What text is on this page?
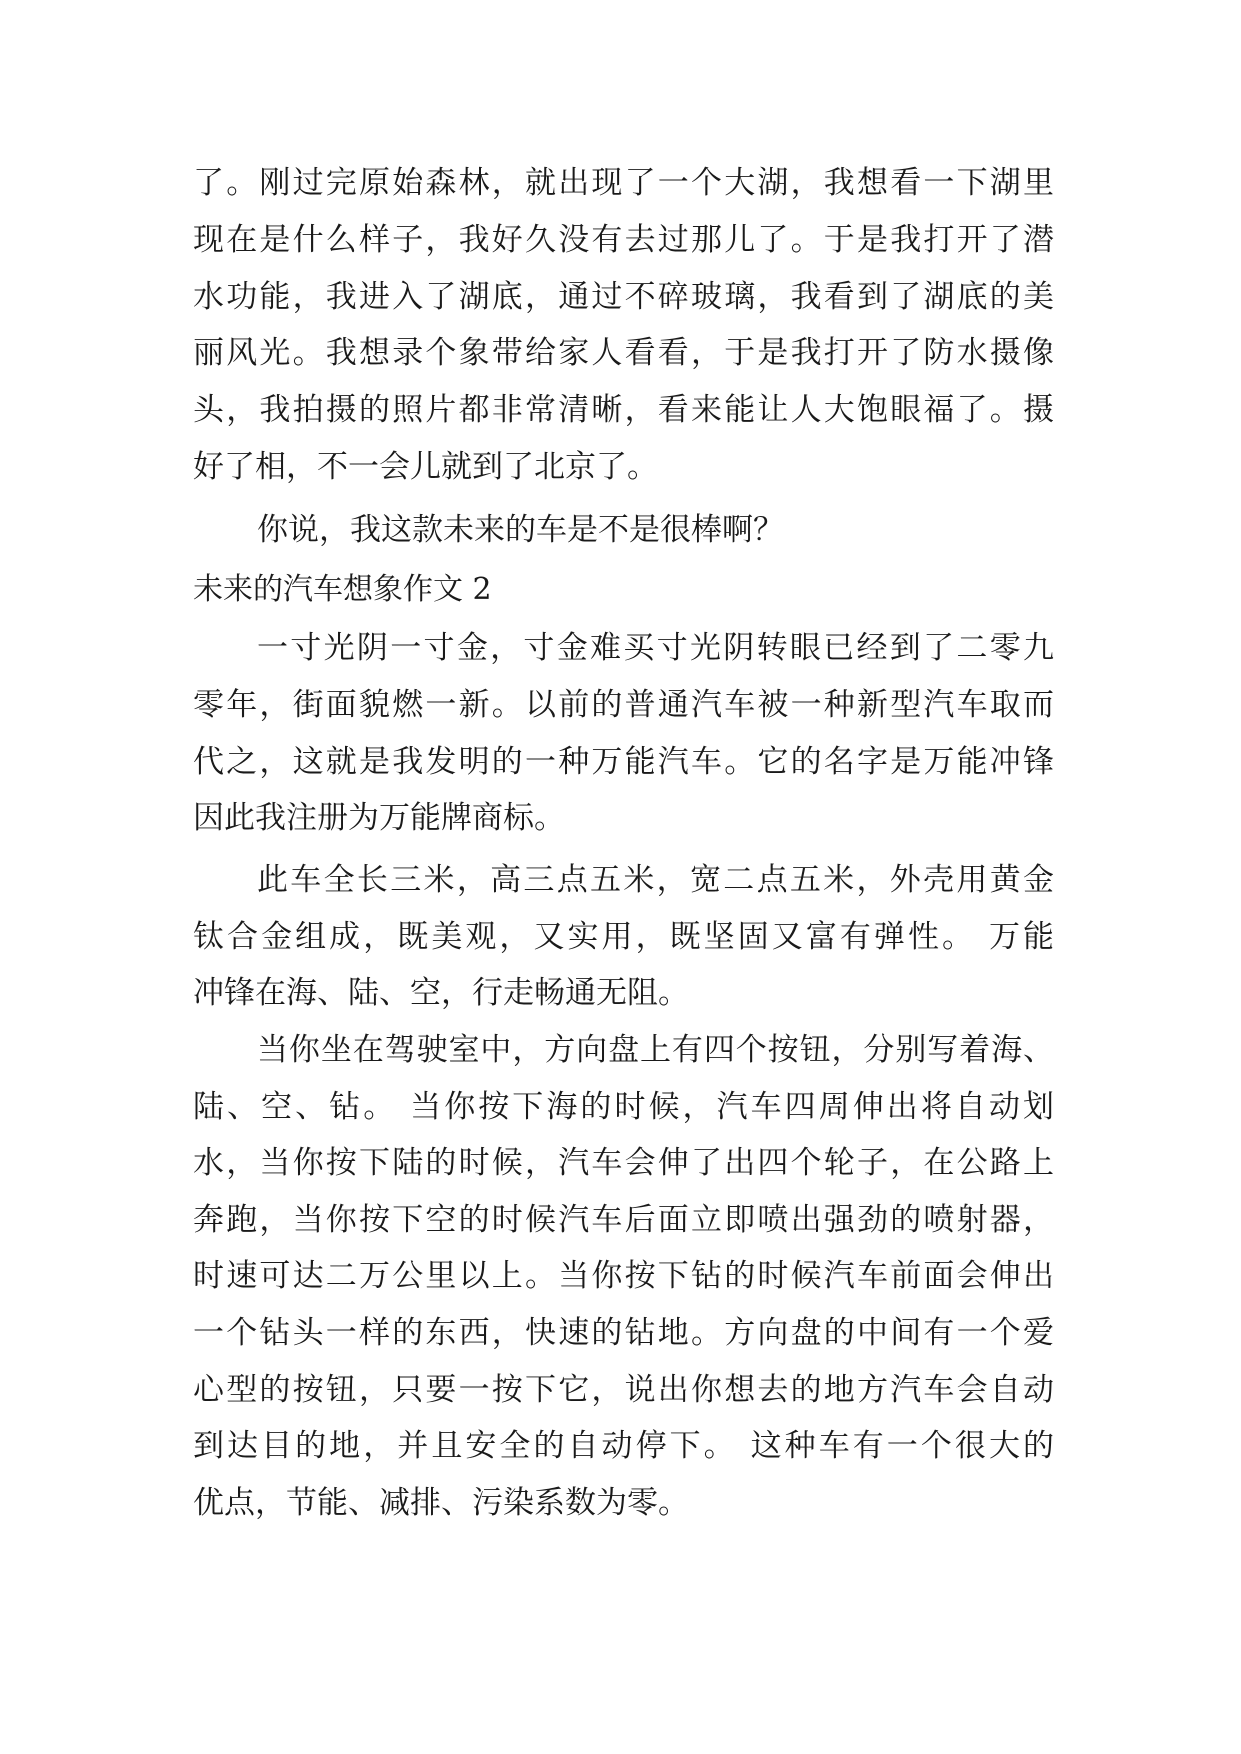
了。刚过完原始森林，就出现了一个大湖，我想看一下湖里
现在是什么样子，我好久没有去过那儿了。于是我打开了潜
水功能，我进入了湖底，通过不碎玻璃，我看到了湖底的美
丽风光。我想录个象带给家人看看，于是我打开了防水摄像
头，我拍摄的照片都非常清晰，看来能让人大饱眼福了。摄
好了相，不一会儿就到了北京了。
你说，我这款未来的车是不是很棒啊？
未来的汽车想象作文 2
一寸光阴一寸金，寸金难买寸光阴转眼已经到了二零九
零年，街面貌燃一新。以前的普通汽车被一种新型汽车取而
代之，这就是我发明的一种万能汽车。它的名字是万能冲锋
因此我注册为万能牌商标。
此车全长三米，高三点五米，宽二点五米，外壳用黄金
钛合金组成，既美观，又实用，既坚固又富有弹性。 万能
冲锋在海、陆、空，行走畅通无阻。
当你坐在驾驶室中，方向盘上有四个按钮，分别写着海、
陆、空、钻。 当你按下海的时候，汽车四周伸出将自动划
水，当你按下陆的时候，汽车会伸了出四个轮子，在公路上
奔跑，当你按下空的时候汽车后面立即喷出强劲的喷射器，
时速可达二万公里以上。当你按下钻的时候汽车前面会伸出
一个钻头一样的东西，快速的钻地。方向盘的中间有一个爱
心型的按钮，只要一按下它，说出你想去的地方汽车会自动
到达目的地，并且安全的自动停下。 这种车有一个很大的
优点，节能、减排、污染系数为零。
